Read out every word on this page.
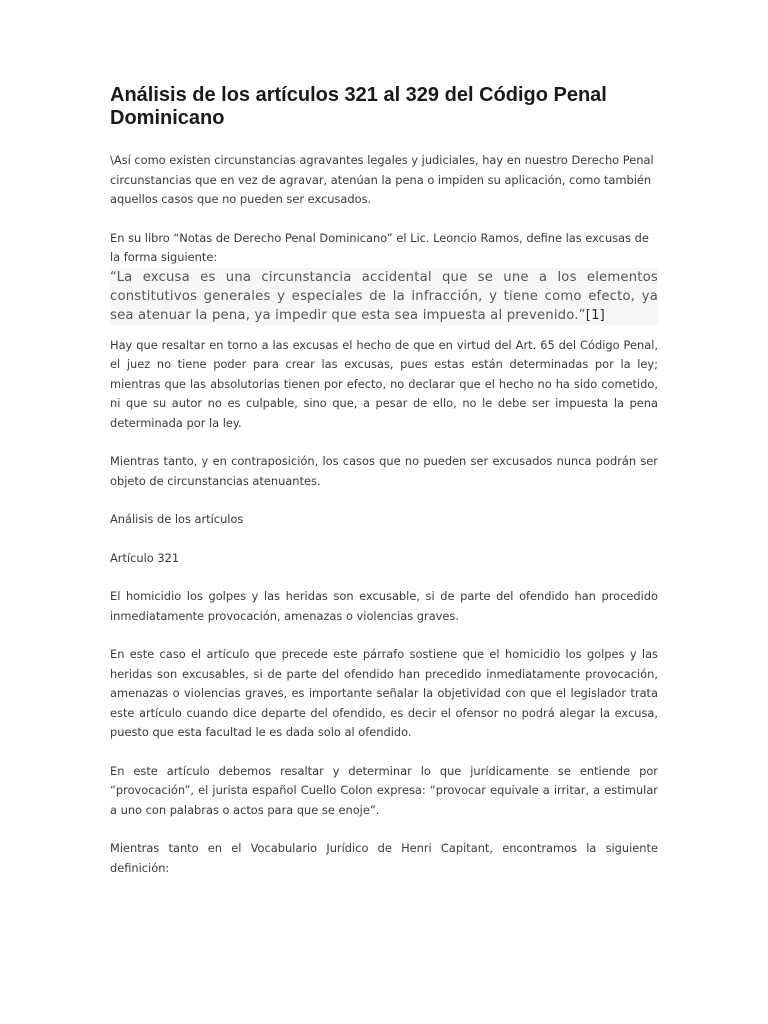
Análisis de los artículos 321 al 329 del Código Penal Dominicano

\Así como existen circunstancias agravantes legales y judiciales, hay en nuestro Derecho Penal circunstancias que en vez de agravar, atenúan la pena o impiden su aplicación, como también aquellos casos que no pueden ser excusados.

En su libro “Notas de Derecho Penal Dominicano” el Lic. Leoncio Ramos, define las excusas de la forma siguiente:

“La excusa es una circunstancia accidental que se une a los elementos constitutivos generales y especiales de la infracción, y tiene como efecto, ya sea atenuar la pena, ya impedir que esta sea impuesta al prevenido.”[1]

Hay que resaltar en torno a las excusas el hecho de que en virtud del Art. 65 del Código Penal, el juez no tiene poder para crear las excusas, pues estas están determinadas por la ley; mientras que las absolutorias tienen por efecto, no declarar que el hecho no ha sido cometido, ni que su autor no es culpable, sino que, a pesar de ello, no le debe ser impuesta la pena determinada por la ley.

Mientras tanto, y en contraposición, los casos que no pueden ser excusados nunca podrán ser objeto de circunstancias atenuantes.

Análisis de los artículos

Artículo 321

El homicidio los golpes y las heridas son excusable, si de parte del ofendido han procedido inmediatamente provocación, amenazas o violencias graves.

En este caso el artículo que precede este párrafo sostiene que el homicidio los golpes y las heridas son excusables, si de parte del ofendido han precedido inmediatamente provocación, amenazas o violencias graves, es importante señalar la objetividad con que el legislador trata este artículo cuando dice departe del ofendido, es decir el ofensor no podrá alegar la excusa, puesto que esta facultad le es dada solo al ofendido.

En este artículo debemos resaltar y determinar lo que jurídicamente se entiende por “provocación”, el jurista español Cuello Colon expresa: “provocar equivale a irritar, a estimular a uno con palabras o actos para que se enoje”.

Mientras tanto en el Vocabulario Jurídico de Henri Capitant, encontramos la siguiente definición:
